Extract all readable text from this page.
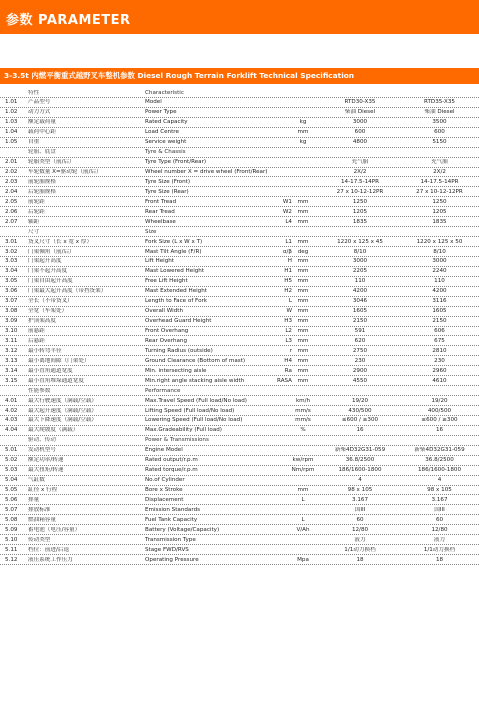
参数 PARAMETER
3-3.5t 内燃平衡重式越野叉车整机参数 Diesel Rough Terrain Forklift Technical Specification
特性	Characteristic
1.01	产品型号	Model	RTD30-X35	RTD35-X35
1.02	动力方式	Power Type	柴油 Diesel	柴油 Diesel
1.03	额定载荷量	Rated Capacity	kg	3000	3500
1.04	载荷中心距	Load Centre	mm	600	600
1.05	自重	Service weight	kg	4800	5150
轮胎、底盘	Tyre & Chassis
2.01	轮胎类型（前/后）	Tyre Type (Front/Rear)	充气胎	充气胎
2.02	车轮数量 X=驱动轮（前/后）	Wheel number X = drive wheel (Front/Rear)	2X/2	2X/2
2.03	前轮胎规格	Tyre Size (Front)	14-17.5-14PR	14-17.5-14PR
2.04	后轮胎规格	Tyre Size (Rear)	27 x 10-12-12PR	27 x 10-12-12PR
2.05	前轮距	Front Tread	W1 mm	1250	1250
2.06	后轮距	Rear Tread	W2 mm	1205	1205
2.07	轴距	Wheelbase	L4 mm	1835	1835
尺寸	Size
3.01	货叉尺寸（长 x 宽 x 厚）	Fork Size (L x W x T)	L1 mm	1220 x 125 x 45	1220 x 125 x 50
3.02	门架倾角（前/后）	Mast Tilt Angle (F/R)	α/β	deg	8/10	8/10
3.03	门架起升高度	Lift Height	H mm	3000	3000
3.04	门架不起升高度	Mast Lowered Height	H1 mm	2205	2240
3.05	门架自由起升高度	Free Lift Height	H5 mm	110	110
3.06	门架最大起升高度（带挡货架）	Mast Extended Height	H2 mm	4200	4200
3.07	全长（不带货叉）	Length to Face of Fork	L mm	3046	3116
3.08	全宽（车架处）	Overall Width	W mm	1605	1605
3.09	护顶架高度	Overhead Guard Height	H3 mm	2150	2150
3.10	前悬距	Front Overhang	L2 mm	591	606
3.11	后悬距	Rear Overhang	L3 mm	620	675
3.12	最小转弯半径	Turning Radius (outside)	r mm	2750	2810
3.13	最小离地间隙（门架处）	Ground Clearance (Bottom of mast)	H4 mm	230	230
3.14	最小直角通道宽度	Min. intersecting aisle	Ra mm	2900	2960
3.15	最小直角堆垛通道宽度	Min.right angle stacking aisle width	RASA mm	4550	4610
性能参数	Performance
4.01	最大行驶速度（满载/空载）	Max.Travel Speed (Full load/No load)	km/h	19/20	19/20
4.02	最大起升速度（满载/空载）	Lifting Speed (Full load/No load)	mm/s	430/500	400/500
4.03	最大下降速度（满载/空载）	Lowering Speed (Full load/No load)	mm/s	≤600 / ≥300	≤600 / ≥300
4.04	最大爬坡度（满载）	Max.Gradeability (Full load)	%	16	16
驱动、传动	Power & Transmissions
5.01	发动机型号	Engine Model	新柴4D32G31-059	新柴4D32G31-059
5.02	额定功率/转速	Rated output/r.p.m	kw/rpm	36.8/2500	36.8/2500
5.03	最大扭矩/转速	Rated torque/r.p.m	Nm/rpm	186/1600-1800	186/1600-1800
5.04	气缸数	No.of Cylinder	4	4
5.05	缸径 x 行程	Bore x Stroke	mm	98 x 105	98 x 105
5.06	排量	Displacement	L	3.167	3.167
5.07	排放标准	Emission Standards	国III	国III
5.08	燃油箱容量	Fuel Tank Capacity	L	60	60
5.09	蓄电池（电压/容量）	Battery (Voltage/Capacity)	V/Ah	12/80	12/80
5.10	传动类型	Transmission Type	液力	液力
5.11	档位：前进/后退	Stage FWD/RVS	1/1动力换档	1/1动力换档
5.12	液压系统工作压力	Operating Pressure	Mpa	18	18
